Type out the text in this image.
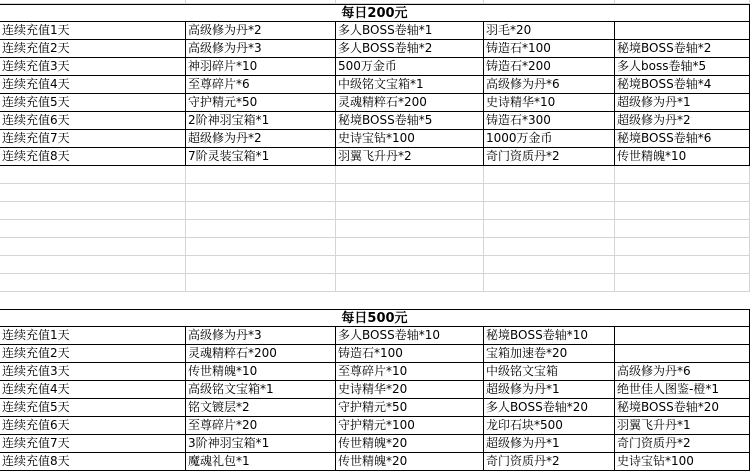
每日200元
连续充值1天	高级修为丹*2	多人BOSS卷轴*1	羽毛*20
连续充值2天	高级修为丹*3	多人BOSS卷轴*2	铸造石*100	秘境BOSS卷轴*2
连续充值3天	神羽碎片*10	500万金币	铸造石*200	多人boss卷轴*5
连续充值4天	至尊碎片*6	中级铭文宝箱*1	高级修为丹*6	秘境BOSS卷轴*4
连续充值5天	守护精元*50	灵魂精粹石*200	史诗精华*10	超级修为丹*1
连续充值6天	2阶神羽宝箱*1	秘境BOSS卷轴*5	铸造石*300	超级修为丹*2
连续充值7天	超级修为丹*2	史诗宝钻*100	1000万金币	秘境BOSS卷轴*6
连续充值8天	7阶灵装宝箱*1	羽翼飞升丹*2	奇门资质丹*2	传世精魄*10
每日500元
连续充值1天	高级修为丹*3	多人BOSS卷轴*10	秘境BOSS卷轴*10
连续充值2天	灵魂精粹石*200	铸造石*100	宝箱加速卷*20
连续充值3天	传世精魄*10	至尊碎片*10	中级铭文宝箱	高级修为丹*6
连续充值4天	高级铭文宝箱*1	史诗精华*20	超级修为丹*1	绝世佳人图鉴-橙*1
连续充值5天	铭文镀层*2	守护精元*50	多人BOSS卷轴*20	秘境BOSS卷轴*20
连续充值6天	至尊碎片*20	守护精元*100	龙印石块*500	羽翼飞升丹*1
连续充值7天	3阶神羽宝箱*1	传世精魄*20	超级修为丹*1	奇门资质丹*2
连续充值8天	魔魂礼包*1	传世精魄*20	奇门资质丹*2	史诗宝钻*100
